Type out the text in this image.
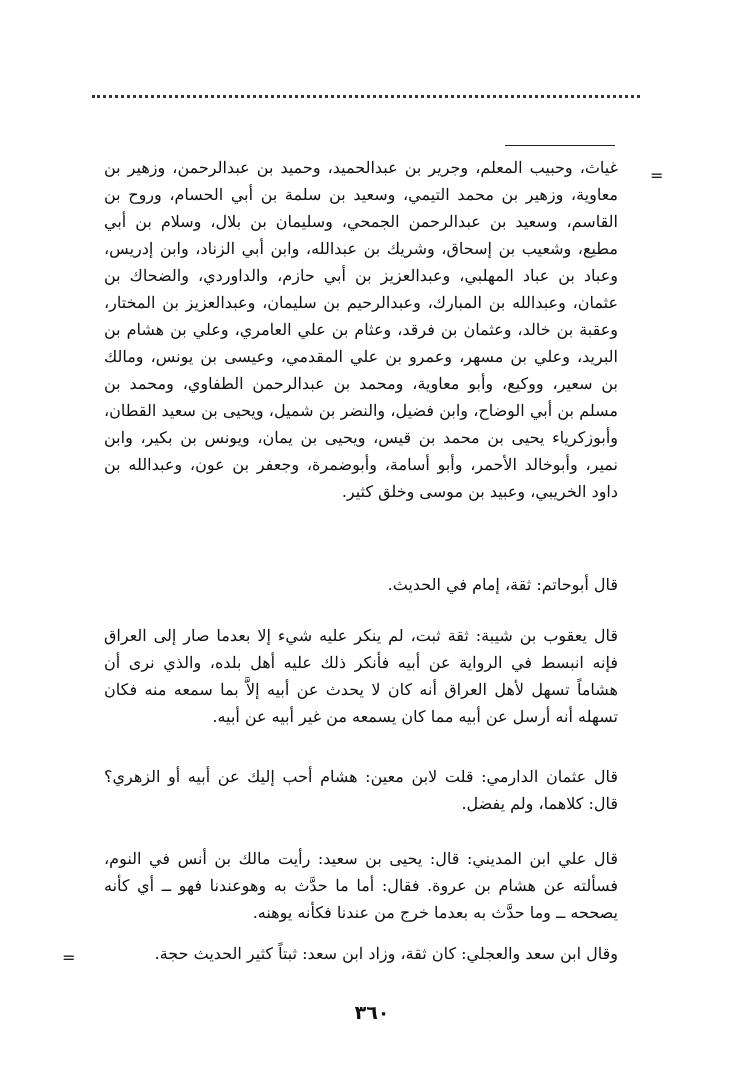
=

غياث، وحبيب المعلم، وجرير بن عبدالحميد، وحميد بن عبدالرحمن، وزهير بن معاوية، وزهير بن محمد التيمي، وسعيد بن سلمة بن أبي الحسام، وروح بن القاسم، وسعيد بن عبدالرحمن الجمحي، وسليمان بن بلال، وسلام بن أبي مطيع، وشعيب بن إسحاق، وشريك بن عبدالله، وابن أبي الزناد، وابن إدريس، وعباد بن عباد المهلبي، وعبدالعزيز بن أبي حازم، والداوردي، والضحاك بن عثمان، وعبدالله بن المبارك، وعبدالرحيم بن سليمان، وعبدالعزيز بن المختار، وعقبة بن خالد، وعثمان بن فرقد، وعثام بن علي العامري، وعلي بن هشام بن البريد، وعلي بن مسهر، وعمرو بن علي المقدمي، وعيسى بن يونس، ومالك بن سعير، ووكيع، وأبو معاوية، ومحمد بن عبدالرحمن الطفاوي، ومحمد بن مسلم بن أبي الوضاح، وابن فضيل، والنضر بن شميل، ويحيى بن سعيد القطان، وأبوزكرياء يحيى بن محمد بن قيس، ويحيى بن يمان، ويونس بن بكير، وابن نمير، وأبوخالد الأحمر، وأبو أسامة، وأبوضمرة، وجعفر بن عون، وعبدالله بن داود الخريبي، وعبيد بن موسى وخلق كثير.

قال أبوحاتم: ثقة، إمام في الحديث.

قال يعقوب بن شيبة: ثقة ثبت، لم ينكر عليه شيء إلا بعدما صار إلى العراق فإنه انبسط في الرواية عن أبيه فأنكر ذلك عليه أهل بلده، والذي نرى أن هشاماً تسهل لأهل العراق أنه كان لا يحدث عن أبيه إلاَّ بما سمعه منه فكان تسهله أنه أرسل عن أبيه مما كان يسمعه من غير أبيه عن أبيه.

قال عثمان الدارمي: قلت لابن معين: هشام أحب إليك عن أبيه أو الزهري؟ قال: كلاهما، ولم يفضل.

قال علي ابن المديني: قال: يحيى بن سعيد: رأيت مالك بن أنس في النوم، فسألته عن هشام بن عروة. فقال: أما ما حدَّث به وهوعندنا فهو ــ أي كأنه يصححه ــ وما حدَّث به بعدما خرج من عندنا فكأنه يوهنه.

وقال ابن سعد والعجلي: كان ثقة، وزاد ابن سعد: ثبتاً كثير الحديث حجة.

=
٣٦٠
